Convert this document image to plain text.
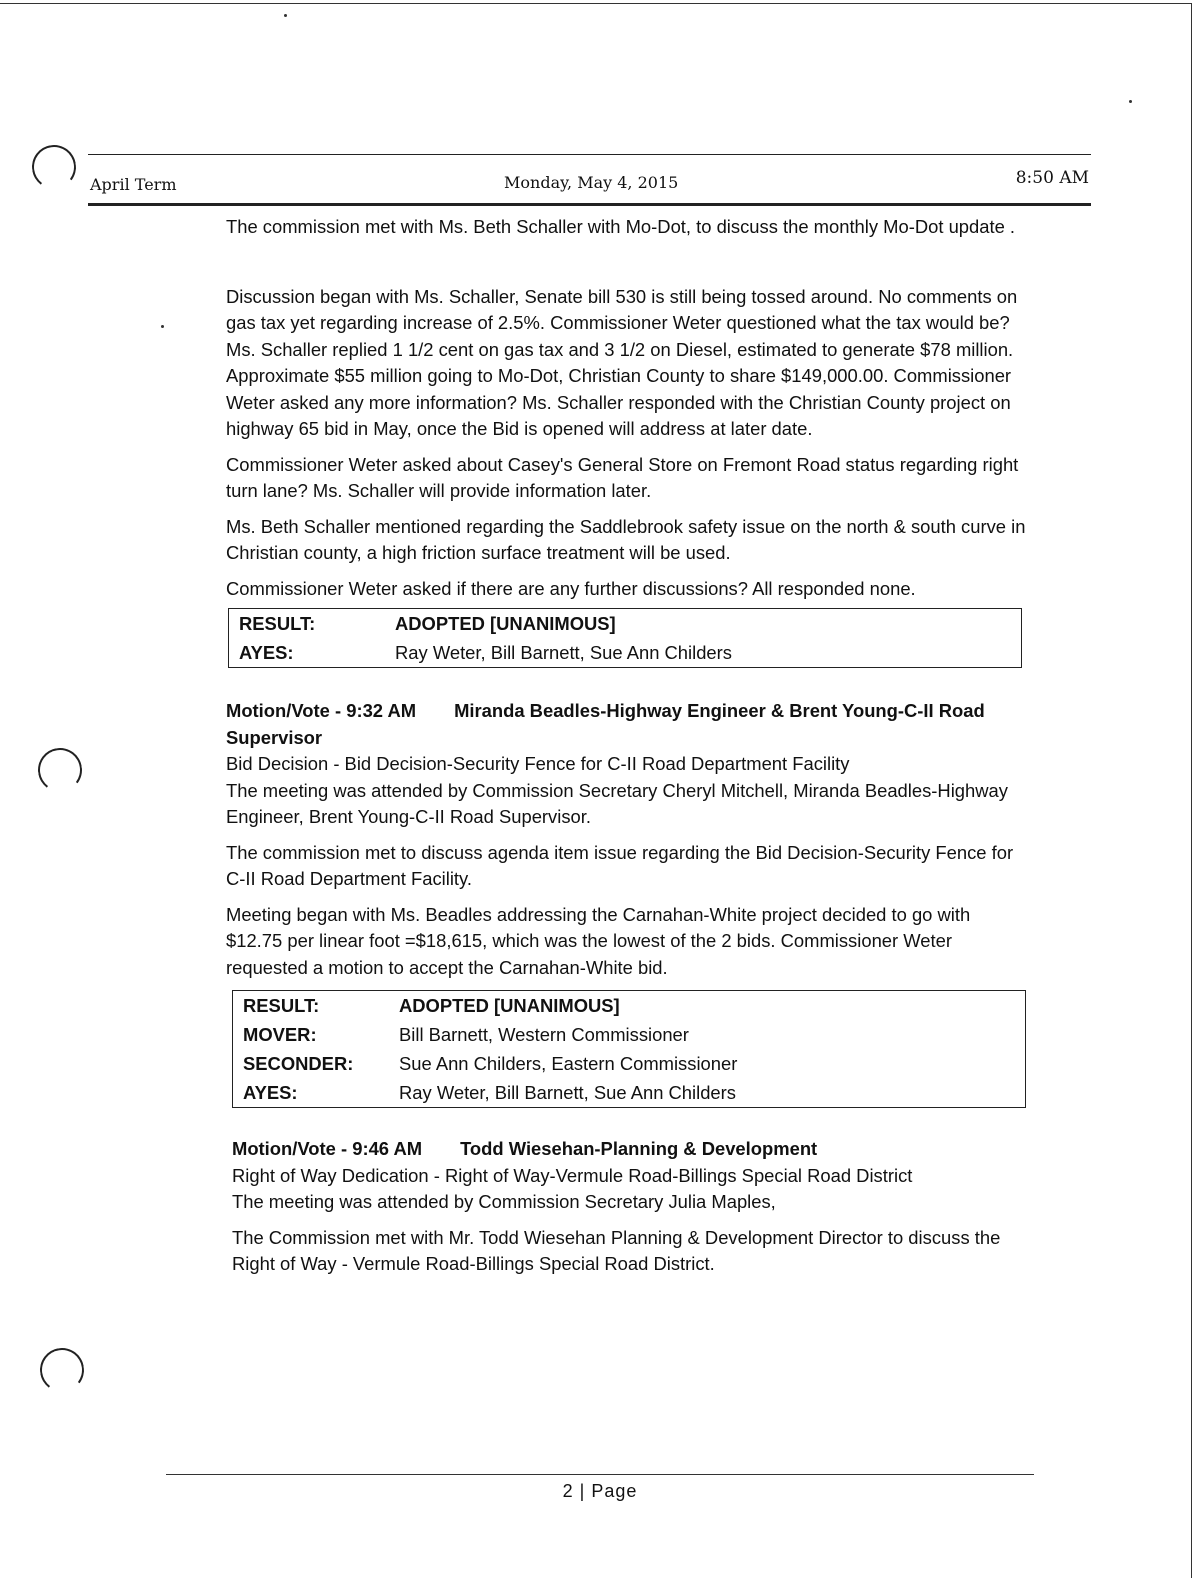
April Term	Monday, May 4, 2015	8:50 AM

The commission met with Ms. Beth Schaller with Mo-Dot, to discuss the monthly Mo-Dot update .

Discussion began with Ms. Schaller, Senate bill 530 is still being tossed around. No comments on gas tax yet regarding increase of 2.5%. Commissioner Weter questioned what the tax would be? Ms. Schaller replied 1 1/2 cent on gas tax and 3 1/2 on Diesel, estimated to generate $78 million. Approximate $55 million going to Mo-Dot, Christian County to share $149,000.00. Commissioner Weter asked any more information? Ms. Schaller responded with the Christian County project on highway 65 bid in May, once the Bid is opened will address at later date.

Commissioner Weter asked about Casey's General Store on Fremont Road status regarding right turn lane? Ms. Schaller will provide information later.

Ms. Beth Schaller mentioned regarding the Saddlebrook safety issue on the north & south curve in Christian county, a high friction surface treatment will be used.

Commissioner Weter asked if there are any further discussions? All responded none.

RESULT:	ADOPTED [UNANIMOUS]
AYES:	Ray Weter, Bill Barnett, Sue Ann Childers
Motion/Vote - 9:32 AM Miranda Beadles-Highway Engineer & Brent Young-C-II Road Supervisor

Bid Decision - Bid Decision-Security Fence for C-II Road Department Facility

The meeting was attended by Commission Secretary Cheryl Mitchell, Miranda Beadles-Highway Engineer, Brent Young-C-II Road Supervisor.

The commission met to discuss agenda item issue regarding the Bid Decision-Security Fence for C-II Road Department Facility.

Meeting began with Ms. Beadles addressing the Carnahan-White project decided to go with $12.75 per linear foot =$18,615, which was the lowest of the 2 bids. Commissioner Weter requested a motion to accept the Carnahan-White bid.

RESULT:	ADOPTED [UNANIMOUS]
MOVER:	Bill Barnett, Western Commissioner
SECONDER:	Sue Ann Childers, Eastern Commissioner
AYES:	Ray Weter, Bill Barnett, Sue Ann Childers
Motion/Vote - 9:46 AM Todd Wiesehan-Planning & Development

Right of Way Dedication - Right of Way-Vermule Road-Billings Special Road District

The meeting was attended by Commission Secretary Julia Maples,

The Commission met with Mr. Todd Wiesehan Planning & Development Director to discuss the Right of Way - Vermule Road-Billings Special Road District.

2 | Page
